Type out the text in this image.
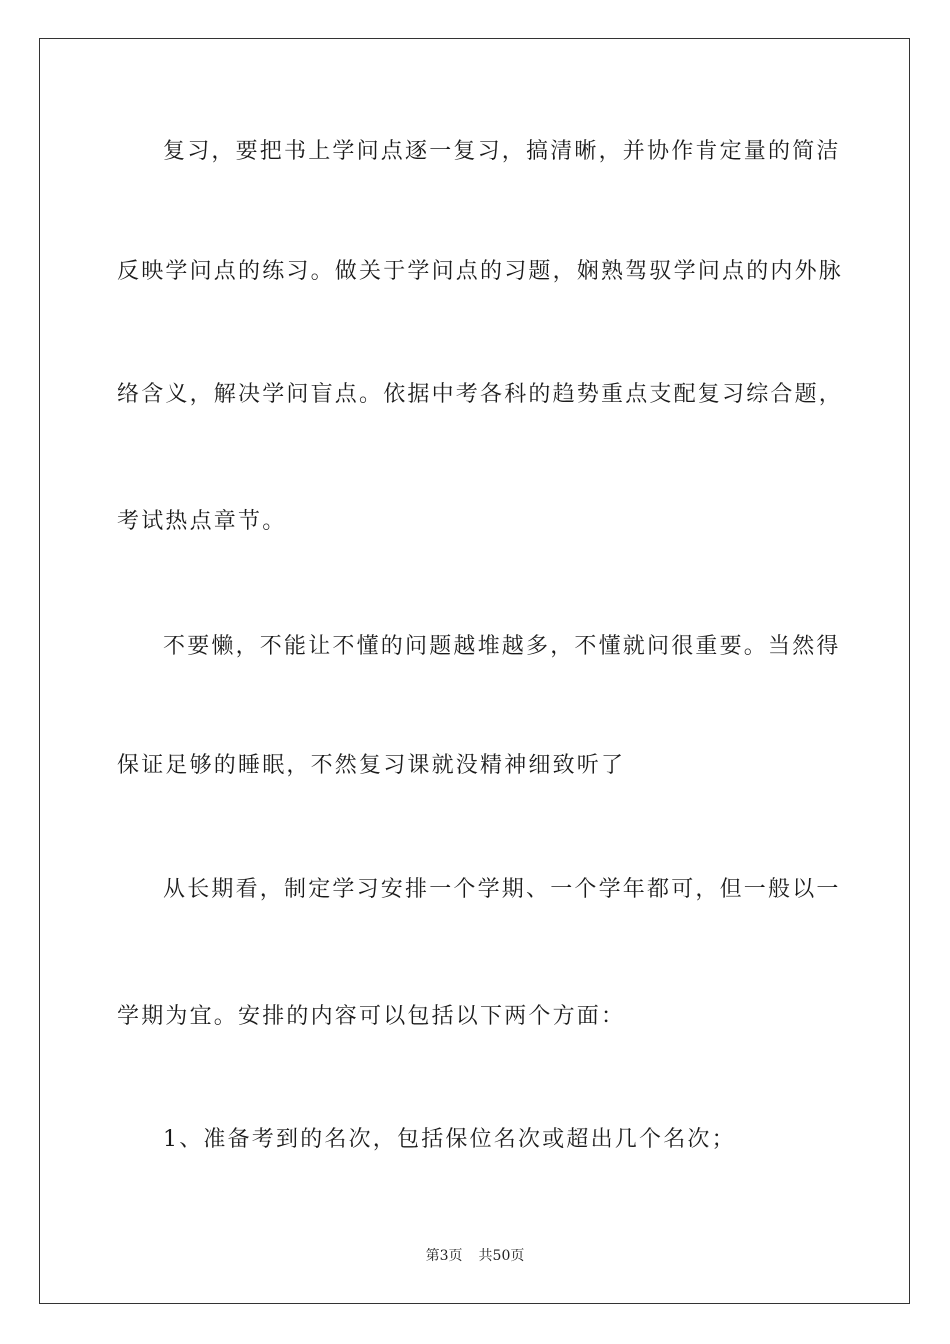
复习，要把书上学问点逐一复习，搞清晰，并协作肯定量的简洁
反映学问点的练习。做关于学问点的习题，娴熟驾驭学问点的内外脉
络含义，解决学问盲点。依据中考各科的趋势重点支配复习综合题，
考试热点章节。
不要懒，不能让不懂的问题越堆越多，不懂就问很重要。当然得
保证足够的睡眠，不然复习课就没精神细致听了
从长期看，制定学习安排一个学期、一个学年都可，但一般以一
学期为宜。安排的内容可以包括以下两个方面：
1、准备考到的名次，包括保位名次或超出几个名次；
第3页 共50页
